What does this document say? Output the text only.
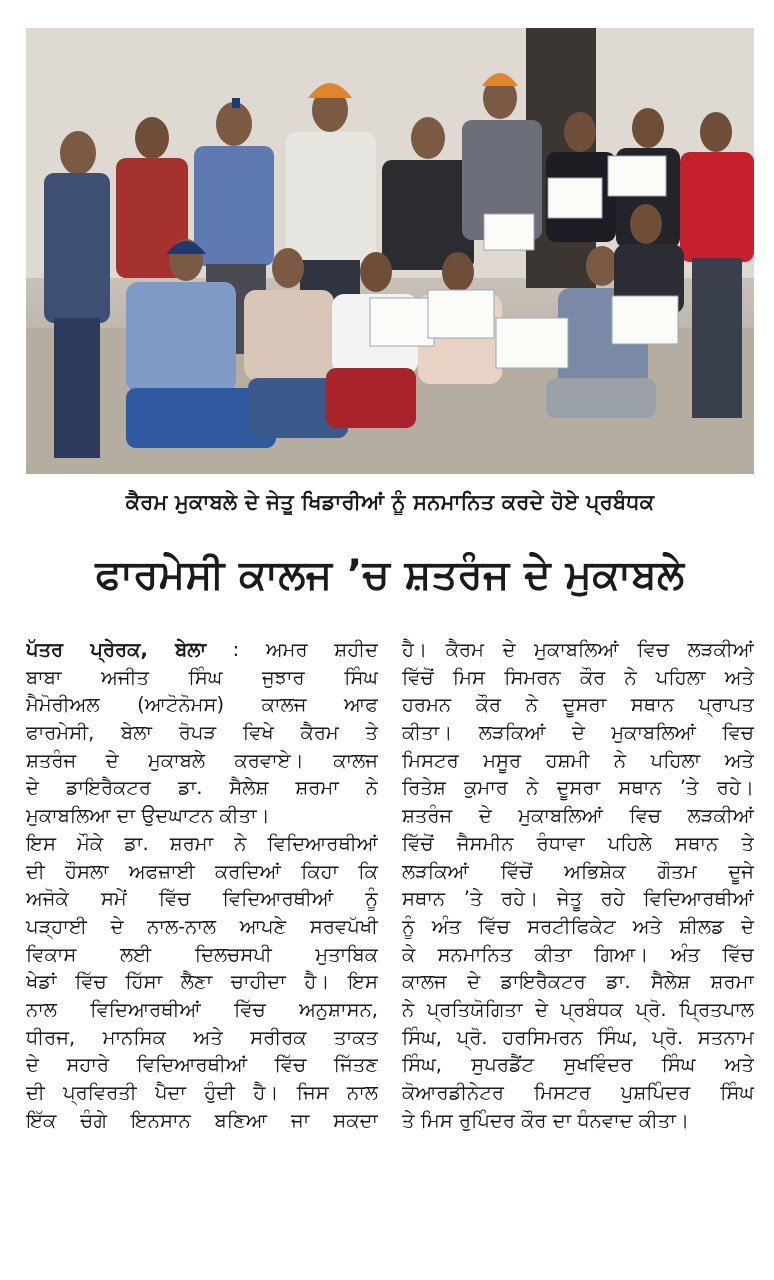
ਕੈਰਮ ਮੁਕਾਬਲੇ ਦੇ ਜੇਤੂ ਖਿਡਾਰੀਆਂ ਨੂੰ ਸਨਮਾਨਿਤ ਕਰਦੇ ਹੋਏ ਪ੍ਰਬੰਧਕ
ਫਾਰਮੇਸੀ ਕਾਲਜ ’ਚ ਸ਼ਤਰੰਜ ਦੇ ਮੁਕਾਬਲੇ
ਪੱਤਰ ਪ੍ਰੇਰਕ, ਬੇਲਾ : ਅਮਰ ਸ਼ਹੀਦ
ਬਾਬਾ ਅਜੀਤ ਸਿੰਘ ਜੁਝਾਰ ਸਿੰਘ
ਮੈਮੋਰੀਅਲ (ਆਟੋਨੋਮਸ) ਕਾਲਜ ਆਫ
ਫਾਰਮੇਸੀ, ਬੇਲਾ ਰੋਪੜ ਵਿਖੇ ਕੈਰਮ ਤੇ
ਸ਼ਤਰੰਜ ਦੇ ਮੁਕਾਬਲੇ ਕਰਵਾਏ। ਕਾਲਜ
ਦੇ ਡਾਇਰੈਕਟਰ ਡਾ. ਸੈਲੇਸ਼ ਸ਼ਰਮਾ ਨੇ
ਮੁਕਾਬਲਿਆ ਦਾ ਉਦਘਾਟਨ ਕੀਤਾ।
ਇਸ ਮੌਕੇ ਡਾ. ਸ਼ਰਮਾ ਨੇ ਵਿਦਿਆਰਥੀਆਂ
ਦੀ ਹੌਸਲਾ ਅਫਜ਼ਾਈ ਕਰਦਿਆਂ ਕਿਹਾ ਕਿ
ਅਜੋਕੇ ਸਮੇਂ ਵਿੱਚ ਵਿਦਿਆਰਥੀਆਂ ਨੂੰ
ਪੜ੍ਹਾਈ ਦੇ ਨਾਲ-ਨਾਲ ਆਪਣੇ ਸਰਵਪੱਖੀ
ਵਿਕਾਸ ਲਈ ਦਿਲਚਸਪੀ ਮੁਤਾਬਿਕ
ਖੇਡਾਂ ਵਿੱਚ ਹਿੱਸਾ ਲੈਣਾ ਚਾਹੀਦਾ ਹੈ। ਇਸ
ਨਾਲ ਵਿਦਿਆਰਥੀਆਂ ਵਿੱਚ ਅਨੁਸ਼ਾਸਨ,
ਧੀਰਜ, ਮਾਨਸਿਕ ਅਤੇ ਸਰੀਰਕ ਤਾਕਤ
ਦੇ ਸਹਾਰੇ ਵਿਦਿਆਰਥੀਆਂ ਵਿੱਚ ਜਿੱਤਣ
ਦੀ ਪ੍ਰਵਿਰਤੀ ਪੈਦਾ ਹੁੰਦੀ ਹੈ। ਜਿਸ ਨਾਲ
ਇੱਕ ਚੰਗੇ ਇਨਸਾਨ ਬਣਿਆ ਜਾ ਸਕਦਾ
ਹੈ। ਕੈਰਮ ਦੇ ਮੁਕਾਬਲਿਆਂ ਵਿਚ ਲੜਕੀਆਂ
ਵਿੱਚੋਂ ਮਿਸ ਸਿਮਰਨ ਕੌਰ ਨੇ ਪਹਿਲਾ ਅਤੇ
ਹਰਮਨ ਕੌਰ ਨੇ ਦੂਸਰਾ ਸਥਾਨ ਪ੍ਰਾਪਤ
ਕੀਤਾ। ਲੜਕਿਆਂ ਦੇ ਮੁਕਾਬਲਿਆਂ ਵਿਚ
ਮਿਸਟਰ ਮਸੂਰ ਹਸ਼ਮੀ ਨੇ ਪਹਿਲਾ ਅਤੇ
ਰਿਤੇਸ਼ ਕੁਮਾਰ ਨੇ ਦੂਸਰਾ ਸਥਾਨ ’ਤੇ ਰਹੇ।
ਸ਼ਤਰੰਜ ਦੇ ਮੁਕਾਬਲਿਆਂ ਵਿਚ ਲੜਕੀਆਂ
ਵਿੱਚੋਂ ਜੈਸਮੀਨ ਰੰਧਾਵਾ ਪਹਿਲੇ ਸਥਾਨ ਤੇ
ਲੜਕਿਆਂ ਵਿੱਚੋਂ ਅਭਿਸ਼ੇਕ ਗੌਤਮ ਦੂਜੇ
ਸਥਾਨ ’ਤੇ ਰਹੇ। ਜੇਤੂ ਰਹੇ ਵਿਦਿਆਰਥੀਆਂ
ਨੂੰ ਅੰਤ ਵਿੱਚ ਸਰਟੀਫਿਕੇਟ ਅਤੇ ਸ਼ੀਲਡ ਦੇ
ਕੇ ਸਨਮਾਨਿਤ ਕੀਤਾ ਗਿਆ। ਅੰਤ ਵਿੱਚ
ਕਾਲਜ ਦੇ ਡਾਇਰੈਕਟਰ ਡਾ. ਸੈਲੇਸ਼ ਸ਼ਰਮਾ
ਨੇ ਪ੍ਰਤਿਯੋਗਿਤਾ ਦੇ ਪ੍ਰਬੰਧਕ ਪ੍ਰੋ. ਪ੍ਰਿਤਪਾਲ
ਸਿੰਘ, ਪ੍ਰੋ. ਹਰਸਿਮਰਨ ਸਿੰਘ, ਪ੍ਰੋ. ਸਤਨਾਮ
ਸਿੰਘ, ਸੁਪਰਡੈਂਟ ਸੁਖਵਿੰਦਰ ਸਿੰਘ ਅਤੇ
ਕੋਆਰਡੀਨੇਟਰ ਮਿਸਟਰ ਪੁਸ਼ਪਿੰਦਰ ਸਿੰਘ
ਤੇ ਮਿਸ ਰੁਪਿੰਦਰ ਕੌਰ ਦਾ ਧੰਨਵਾਦ ਕੀਤਾ।
